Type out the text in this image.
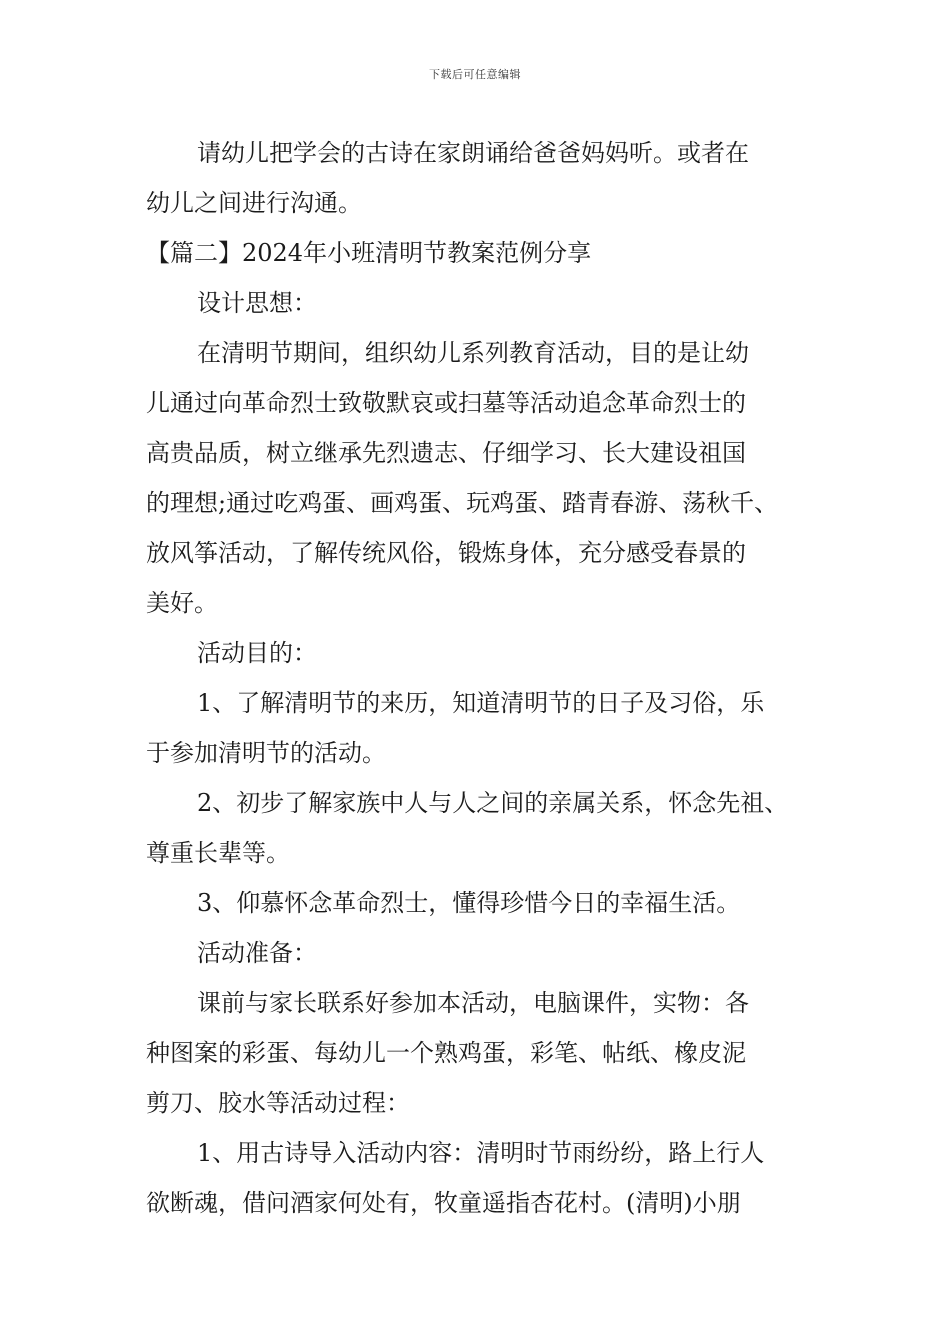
下载后可任意编辑
请幼儿把学会的古诗在家朗诵给爸爸妈妈听。或者在
幼儿之间进行沟通。
【篇二】2024年小班清明节教案范例分享
设计思想：
在清明节期间，组织幼儿系列教育活动，目的是让幼
儿通过向革命烈士致敬默哀或扫墓等活动追念革命烈士的
高贵品质，树立继承先烈遗志、仔细学习、长大建设祖国
的理想;通过吃鸡蛋、画鸡蛋、玩鸡蛋、踏青春游、荡秋千、
放风筝活动，了解传统风俗，锻炼身体，充分感受春景的
美好。
活动目的：
1、了解清明节的来历，知道清明节的日子及习俗，乐
于参加清明节的活动。
2、初步了解家族中人与人之间的亲属关系，怀念先祖、
尊重长辈等。
3、仰慕怀念革命烈士，懂得珍惜今日的幸福生活。
活动准备：
课前与家长联系好参加本活动，电脑课件，实物：各
种图案的彩蛋、每幼儿一个熟鸡蛋，彩笔、帖纸、橡皮泥
剪刀、胶水等活动过程：
1、用古诗导入活动内容：清明时节雨纷纷，路上行人
欲断魂，借问酒家何处有，牧童遥指杏花村。(清明)小朋
